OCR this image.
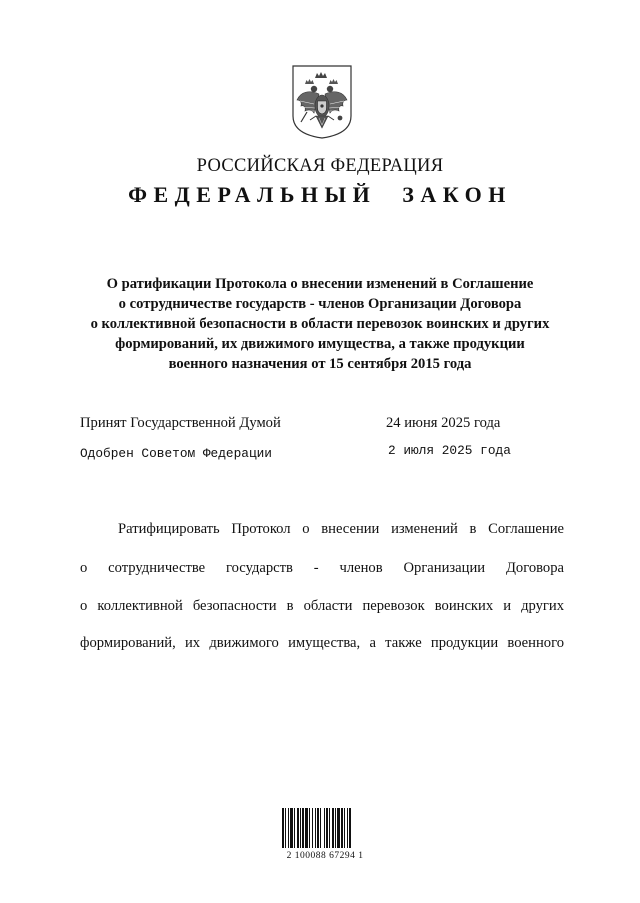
РОССИЙСКАЯ ФЕДЕРАЦИЯ
ФЕДЕРАЛЬНЫЙ ЗАКОН
О ратификации Протокола о внесении изменений в Соглашение
о сотрудничестве государств - членов Организации Договора
о коллективной безопасности в области перевозок воинских и других
формирований, их движимого имущества, а также продукции
военного назначения от 15 сентября 2015 года
Принят Государственной Думой	24 июня 2025 года
Одобрен Советом Федерации	2 июля 2025 года
Ратифицировать Протокол о внесении изменений в Соглашение
о сотрудничестве государств - членов Организации Договора
о коллективной безопасности в области перевозок воинских и других
формирований, их движимого имущества, а также продукции военного
2 100088 67294 1
